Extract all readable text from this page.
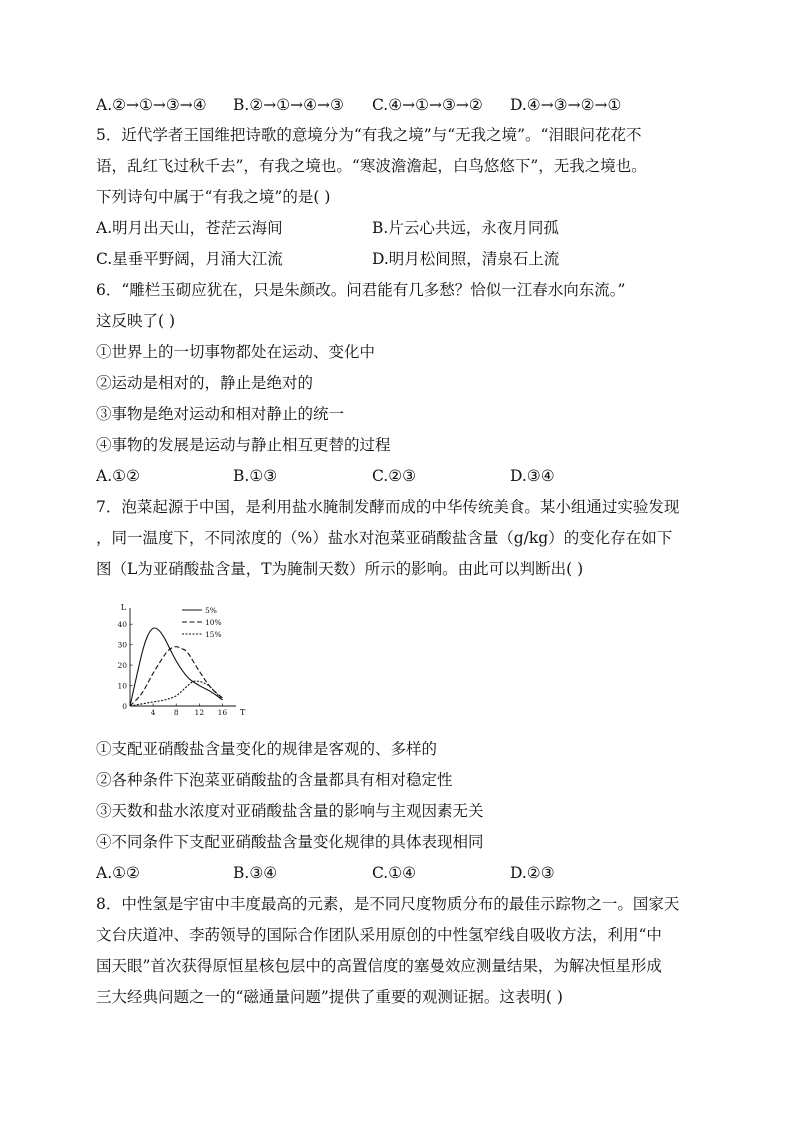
A.②→①→③→④ B.②→①→④→③ C.④→①→③→② D.④→③→②→①
5．近代学者王国维把诗歌的意境分为“有我之境”与“无我之境”。“泪眼问花花不
语，乱红飞过秋千去”，有我之境也。“寒波澹澹起，白鸟悠悠下”，无我之境也。
下列诗句中属于“有我之境”的是( )
A.明月出天山，苍茫云海间	B.片云心共远，永夜月同孤
C.星垂平野阔，月涌大江流	D.明月松间照，清泉石上流
6．“雕栏玉砌应犹在，只是朱颜改。问君能有几多愁？恰似一江春水向东流。”
这反映了( )
①世界上的一切事物都处在运动、变化中
②运动是相对的，静止是绝对的
③事物是绝对运动和相对静止的统一
④事物的发展是运动与静止相互更替的过程
A.①②	B.①③	C.②③	D.③④
7．泡菜起源于中国，是利用盐水腌制发酵而成的中华传统美食。某小组通过实验发现
，同一温度下，不同浓度的（%）盐水对泡菜亚硝酸盐含量（g/kg）的变化存在如下
图（L为亚硝酸盐含量，T为腌制天数）所示的影响。由此可以判断出( )
L
T
0
10
20
30
40
4 8 12 16
5%
10%
15%
①支配亚硝酸盐含量变化的规律是客观的、多样的
②各种条件下泡菜亚硝酸盐的含量都具有相对稳定性
③天数和盐水浓度对亚硝酸盐含量的影响与主观因素无关
④不同条件下支配亚硝酸盐含量变化规律的具体表现相同
A.①②	B.③④	C.①④	D.②③
8．中性氢是宇宙中丰度最高的元素，是不同尺度物质分布的最佳示踪物之一。国家天
文台庆道冲、李菂领导的国际合作团队采用原创的中性氢窄线自吸收方法，利用“中
国天眼”首次获得原恒星核包层中的高置信度的塞曼效应测量结果，为解决恒星形成
三大经典问题之一的“磁通量问题”提供了重要的观测证据。这表明( )
